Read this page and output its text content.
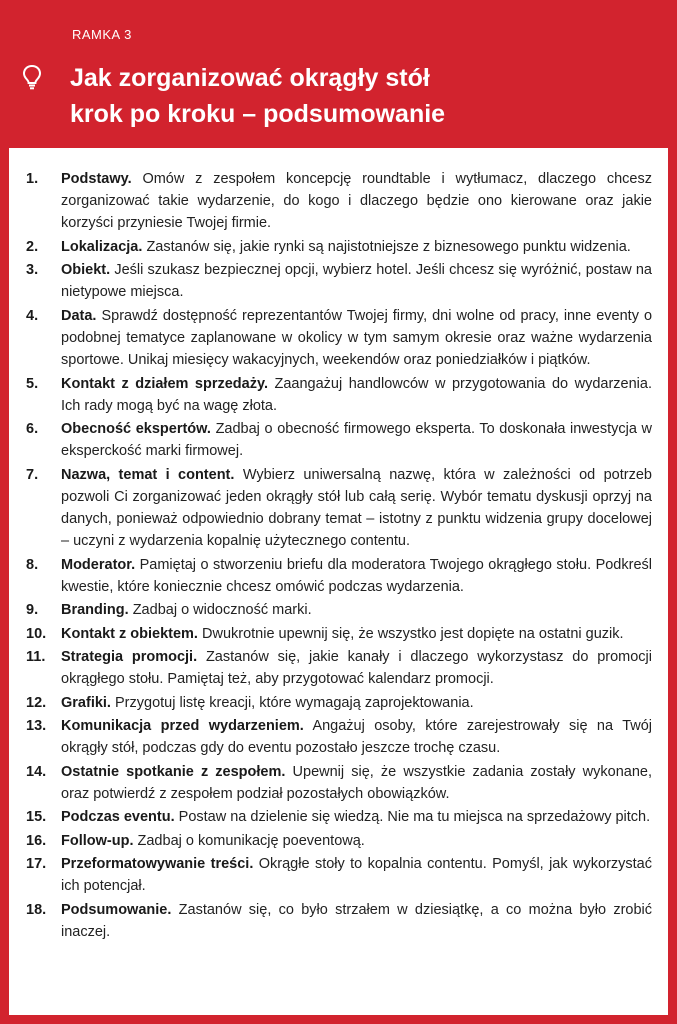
RAMKA 3
Jak zorganizować okrągły stół
krok po kroku – podsumowanie
1.	Podstawy. Omów z zespołem koncepcję roundtable i wytłumacz, dlaczego chcesz zorganizować takie wydarzenie, do kogo i dlaczego będzie ono kierowane oraz jakie korzyści przyniesie Twojej firmie.
2.	Lokalizacja. Zastanów się, jakie rynki są najistotniejsze z biznesowego punktu widzenia.
3.	Obiekt. Jeśli szukasz bezpiecznej opcji, wybierz hotel. Jeśli chcesz się wyróżnić, postaw na nietypowe miejsca.
4.	Data. Sprawdź dostępność reprezentantów Twojej firmy, dni wolne od pracy, inne eventy o podobnej tematyce zaplanowane w okolicy w tym samym okresie oraz ważne wydarzenia sportowe. Unikaj miesięcy wakacyjnych, weekendów oraz poniedziałków i piątków.
5.	Kontakt z działem sprzedaży. Zaangażuj handlowców w przygotowania do wydarzenia. Ich rady mogą być na wagę złota.
6.	Obecność ekspertów. Zadbaj o obecność firmowego eksperta. To doskonała inwestycja w eksperckość marki firmowej.
7.	Nazwa, temat i content. Wybierz uniwersalną nazwę, która w zależności od potrzeb pozwoli Ci zorganizować jeden okrągły stół lub całą serię. Wybór tematu dyskusji oprzyj na danych, ponieważ odpowiednio dobrany temat – istotny z punktu widzenia grupy docelowej – uczyni z wydarzenia kopalnię użytecznego contentu.
8.	Moderator. Pamiętaj o stworzeniu briefu dla moderatora Twojego okrągłego stołu. Podkreśl kwestie, które koniecznie chcesz omówić podczas wydarzenia.
9.	Branding. Zadbaj o widoczność marki.
10.	Kontakt z obiektem. Dwukrotnie upewnij się, że wszystko jest dopięte na ostatni guzik.
11.	Strategia promocji. Zastanów się, jakie kanały i dlaczego wykorzystasz do promocji okrągłego stołu. Pamiętaj też, aby przygotować kalendarz promocji.
12.	Grafiki. Przygotuj listę kreacji, które wymagają zaprojektowania.
13.	Komunikacja przed wydarzeniem. Angażuj osoby, które zarejestrowały się na Twój okrągły stół, podczas gdy do eventu pozostało jeszcze trochę czasu.
14.	Ostatnie spotkanie z zespołem. Upewnij się, że wszystkie zadania zostały wykonane, oraz potwierdź z zespołem podział pozostałych obowiązków.
15.	Podczas eventu. Postaw na dzielenie się wiedzą. Nie ma tu miejsca na sprzedażowy pitch.
16.	Follow-up. Zadbaj o komunikację poeventową.
17.	Przeformatowywanie treści. Okrągłe stoły to kopalnia contentu. Pomyśl, jak wykorzystać ich potencjał.
18.	Podsumowanie. Zastanów się, co było strzałem w dziesiątkę, a co można było zrobić inaczej.
